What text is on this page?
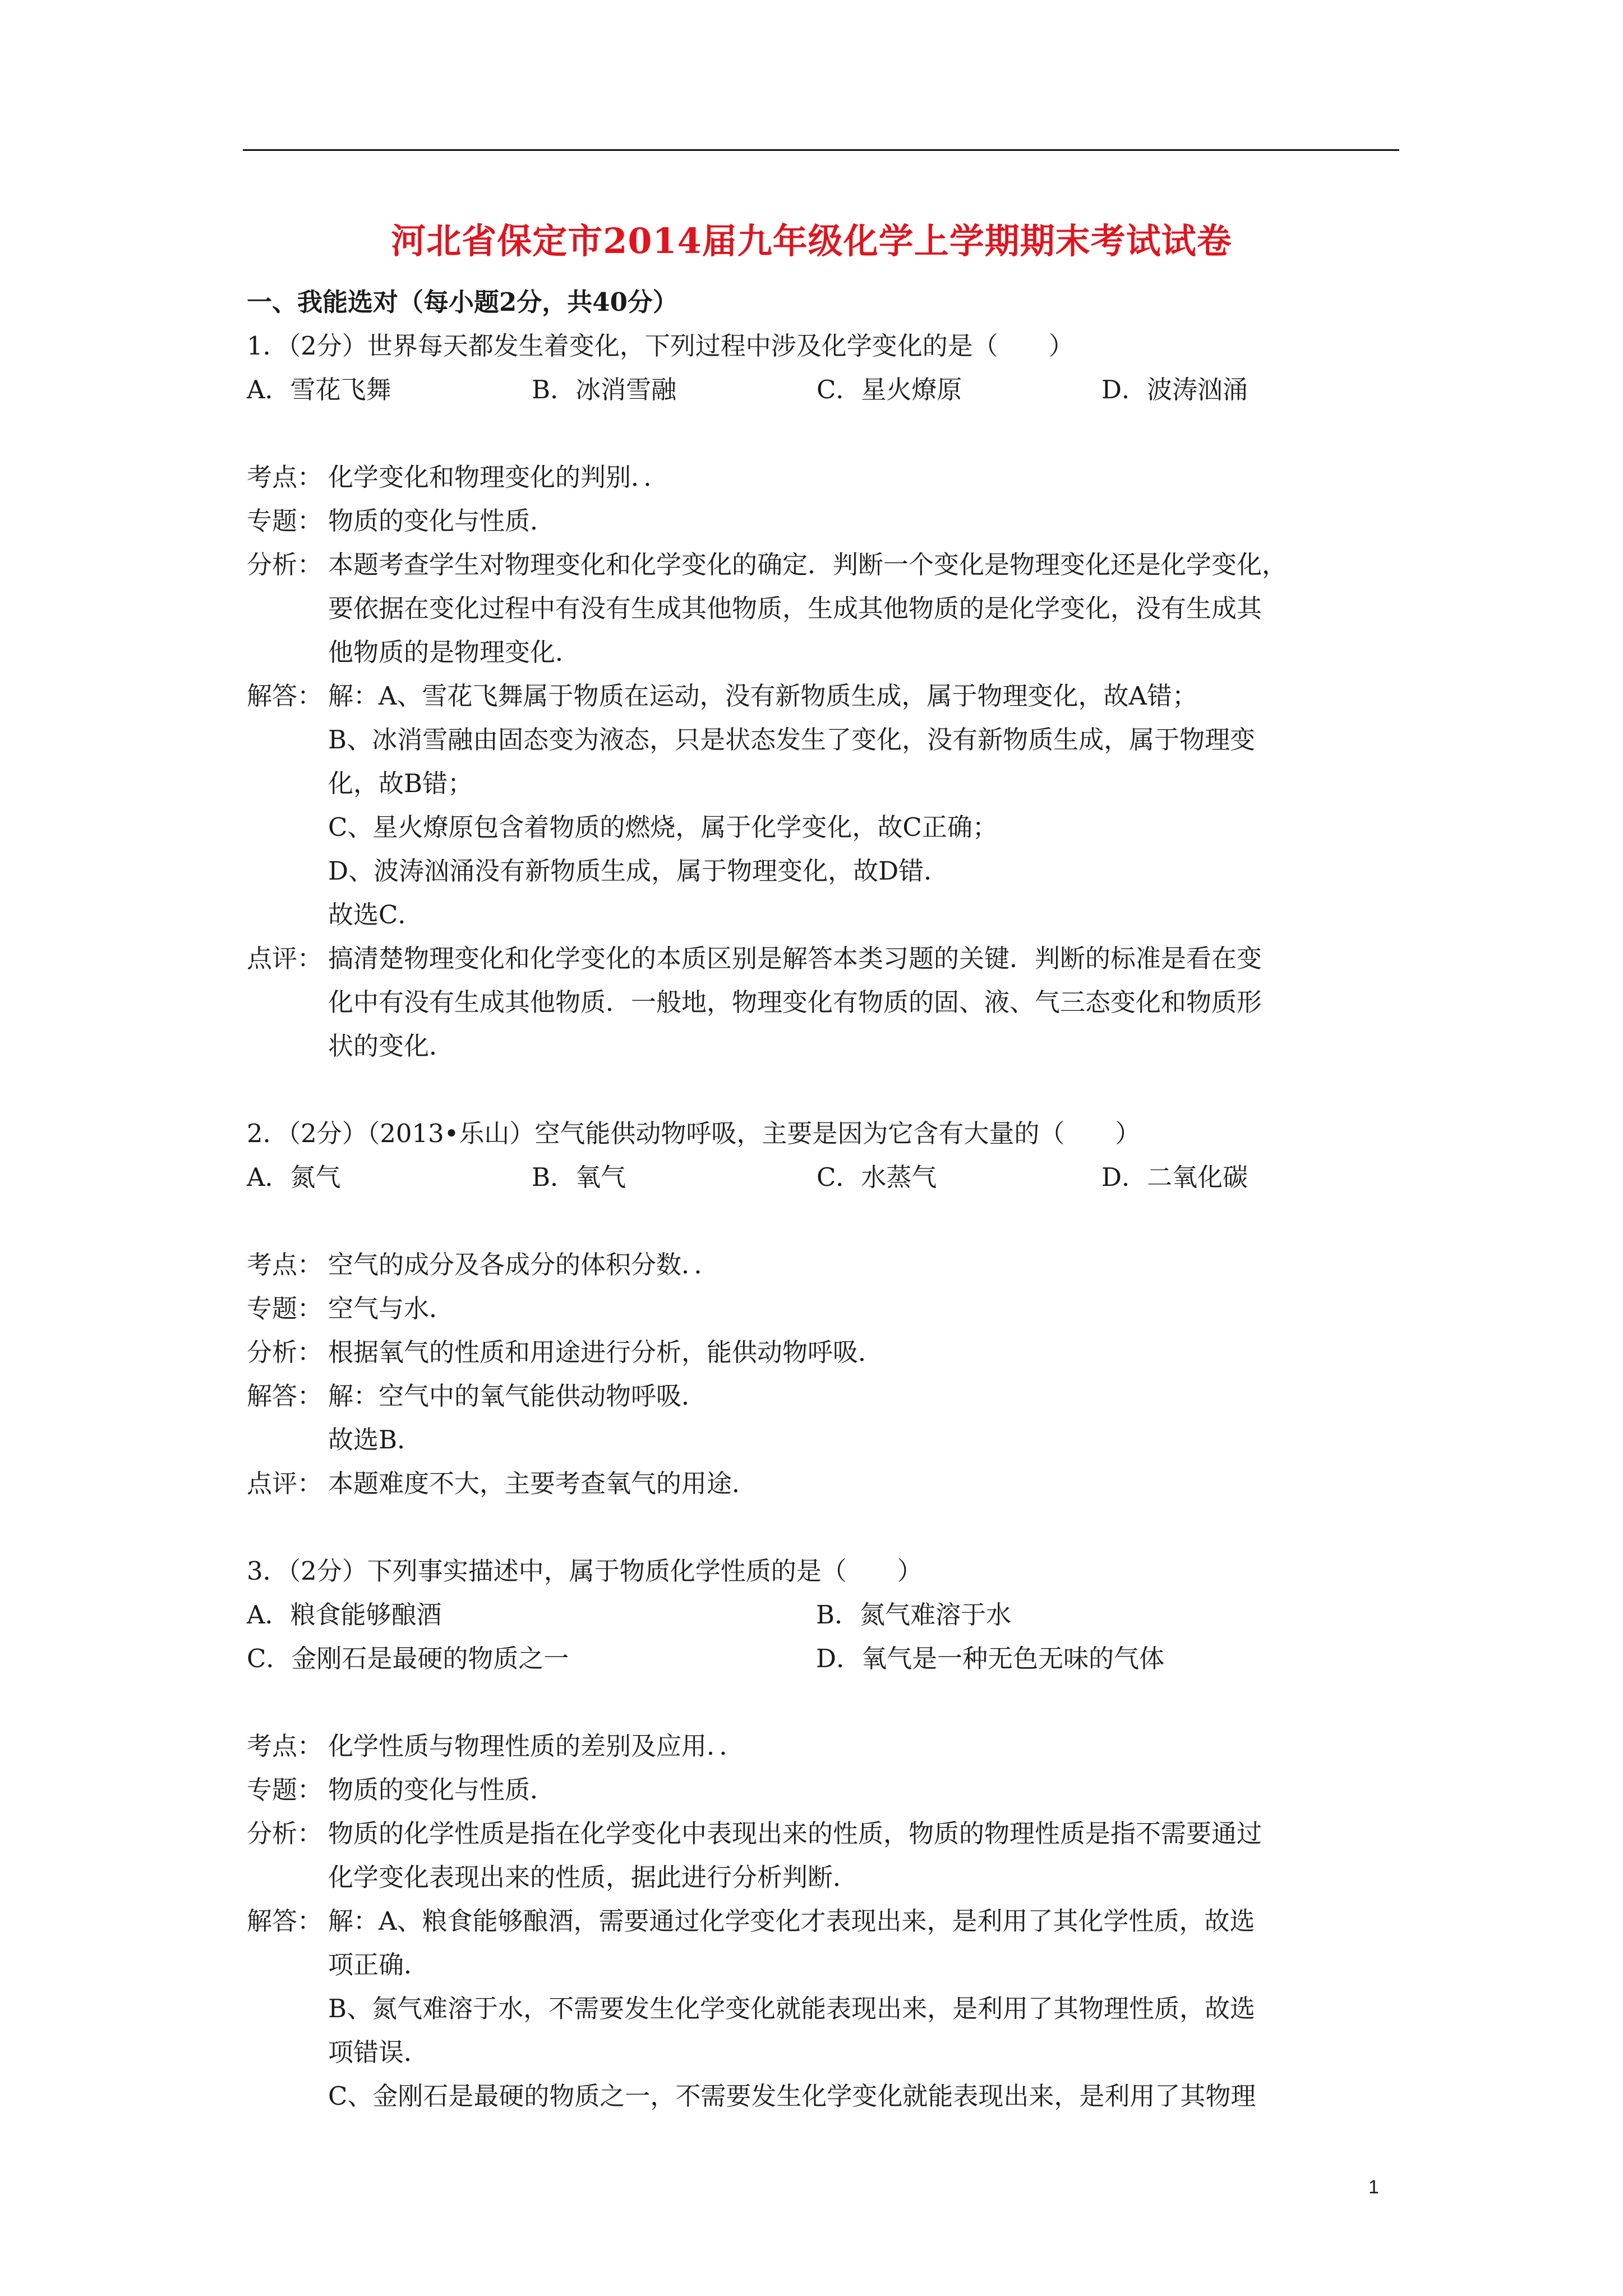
河北省保定市2014届九年级化学上学期期末考试试卷
一、我能选对（每小题2分，共40分）
1．（2分）世界每天都发生着变化，下列过程中涉及化学变化的是（　　）
A．雪花飞舞	B．冰消雪融	C．星火燎原	D．波涛汹涌
考点： 化学变化和物理变化的判别．．

专题： 物质的变化与性质．

分析： 本题考查学生对物理变化和化学变化的确定．判断一个变化是物理变化还是化学变化，

要依据在变化过程中有没有生成其他物质，生成其他物质的是化学变化，没有生成其

他物质的是物理变化．

解答： 解：A、雪花飞舞属于物质在运动，没有新物质生成，属于物理变化，故A错；

B、冰消雪融由固态变为液态，只是状态发生了变化，没有新物质生成，属于物理变

化，故B错；

C、星火燎原包含着物质的燃烧，属于化学变化，故C正确；

D、波涛汹涌没有新物质生成，属于物理变化，故D错．

故选C．

点评： 搞清楚物理变化和化学变化的本质区别是解答本类习题的关键．判断的标准是看在变

化中有没有生成其他物质．一般地，物理变化有物质的固、液、气三态变化和物质形

状的变化．

2．（2分）（2013•乐山）空气能供动物呼吸，主要是因为它含有大量的（　　）
A．氮气	B．氧气	C．水蒸气	D．二氧化碳
考点： 空气的成分及各成分的体积分数．．

专题： 空气与水．

分析： 根据氧气的性质和用途进行分析，能供动物呼吸．

解答： 解：空气中的氧气能供动物呼吸．

故选B．

点评： 本题难度不大，主要考查氧气的用途．

3．（2分）下列事实描述中，属于物质化学性质的是（　　）
A．粮食能够酿酒	B．氮气难溶于水
C．金刚石是最硬的物质之一	D．氧气是一种无色无味的气体
考点： 化学性质与物理性质的差别及应用．．

专题： 物质的变化与性质．

分析： 物质的化学性质是指在化学变化中表现出来的性质，物质的物理性质是指不需要通过

化学变化表现出来的性质，据此进行分析判断．

解答： 解：A、粮食能够酿酒，需要通过化学变化才表现出来，是利用了其化学性质，故选

项正确．

B、氮气难溶于水，不需要发生化学变化就能表现出来，是利用了其物理性质，故选

项错误．

C、金刚石是最硬的物质之一，不需要发生化学变化就能表现出来，是利用了其物理

1
